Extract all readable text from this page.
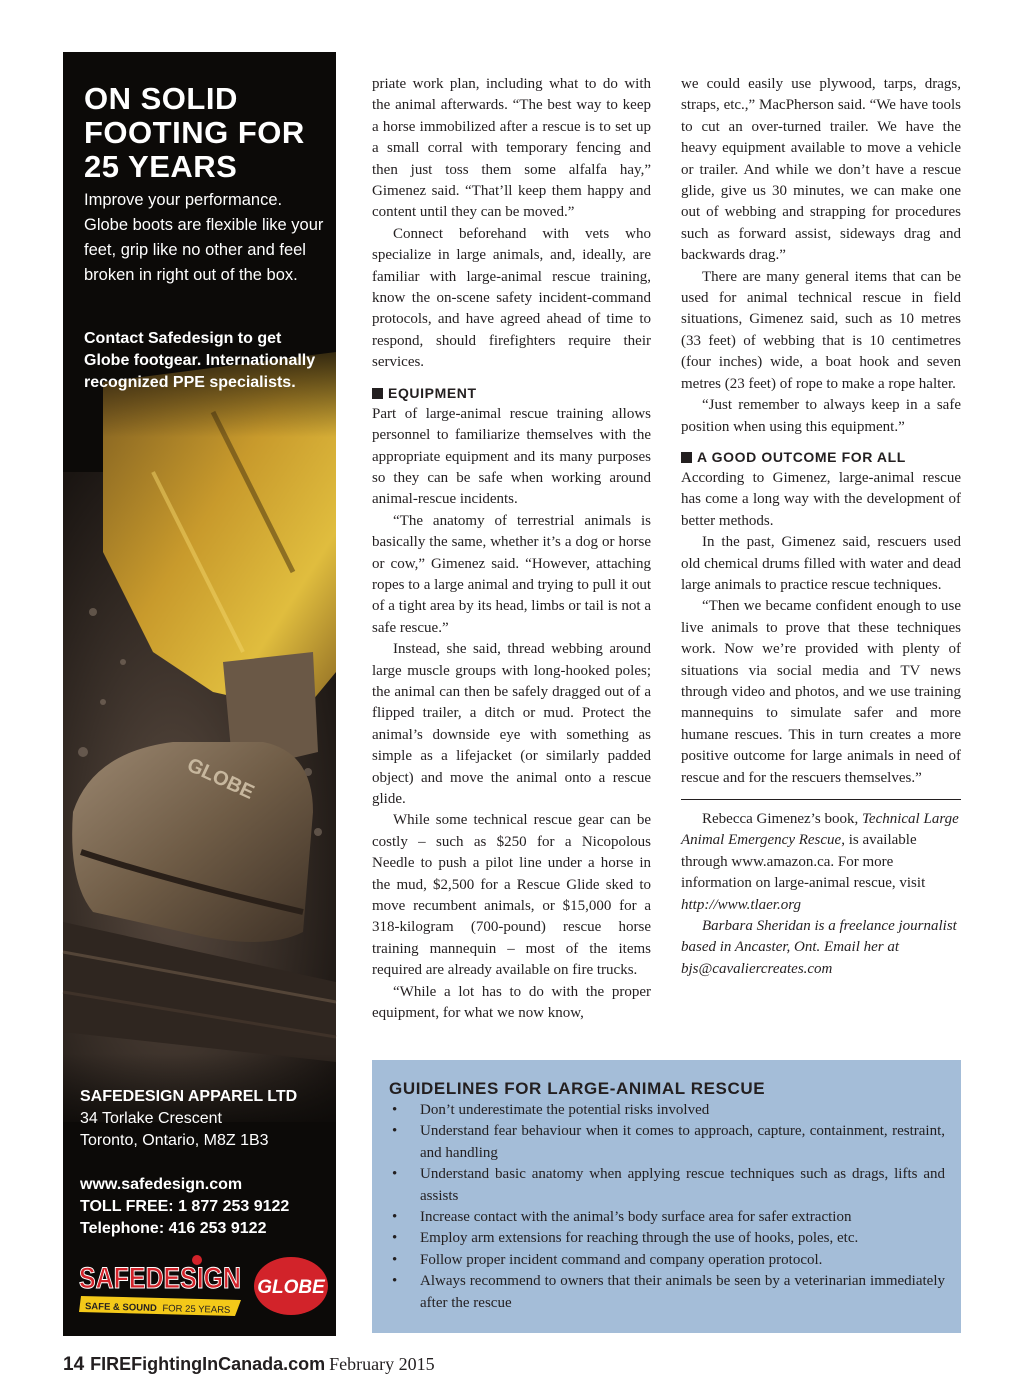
ON SOLID
FOOTING FOR
25 YEARS

Improve your performance. Globe boots are flexible like your feet, grip like no other and feel broken in right out of the box.

Contact Safedesign to get Globe footgear. Internationally recognized PPE specialists.

SAFEDESIGN APPAREL LTD
34 Torlake Crescent
Toronto, Ontario, M8Z 1B3
www.safedesign.com
TOLL FREE: 1 877 253 9122
Telephone: 416 253 9122
SAFEDESIGN
SAFE & SOUND FOR 25 YEARS
GLOBE

priate work plan, including what to do with the animal afterwards. “The best way to keep a horse immobilized after a rescue is to set up a small corral with temporary fencing and then just toss them some alfalfa hay,” Gimenez said. “That’ll keep them happy and content until they can be moved.”

Connect beforehand with vets who specialize in large animals, and, ideally, are familiar with large-animal rescue training, know the on-scene safety incident-command protocols, and have agreed ahead of time to respond, should firefighters require their services.

EQUIPMENT

Part of large-animal rescue training allows personnel to familiarize themselves with the appropriate equipment and its many purposes so they can be safe when working around animal-rescue incidents.

“The anatomy of terrestrial animals is basically the same, whether it’s a dog or horse or cow,” Gimenez said. “However, attaching ropes to a large animal and trying to pull it out of a tight area by its head, limbs or tail is not a safe rescue.”

Instead, she said, thread webbing around large muscle groups with long-hooked poles; the animal can then be safely dragged out of a flipped trailer, a ditch or mud. Protect the animal’s downside eye with something as simple as a lifejacket (or similarly padded object) and move the animal onto a rescue glide.

While some technical rescue gear can be costly – such as $250 for a Nicopolous Needle to push a pilot line under a horse in the mud, $2,500 for a Rescue Glide sked to move recumbent animals, or $15,000 for a 318-kilogram (700-pound) rescue horse training mannequin – most of the items required are already available on fire trucks.

“While a lot has to do with the proper equipment, for what we now know,

we could easily use plywood, tarps, drags, straps, etc.,” MacPherson said. “We have tools to cut an over-turned trailer. We have the heavy equipment available to move a vehicle or trailer. And while we don’t have a rescue glide, give us 30 minutes, we can make one out of webbing and strapping for procedures such as forward assist, sideways drag and backwards drag.”

There are many general items that can be used for animal technical rescue in field situations, Gimenez said, such as 10 metres (33 feet) of webbing that is 10 centimetres (four inches) wide, a boat hook and seven metres (23 feet) of rope to make a rope halter.

“Just remember to always keep in a safe position when using this equipment.”

A GOOD OUTCOME FOR ALL

According to Gimenez, large-animal rescue has come a long way with the development of better methods.

In the past, Gimenez said, rescuers used old chemical drums filled with water and dead large animals to practice rescue techniques.

“Then we became confident enough to use live animals to prove that these techniques work. Now we’re provided with plenty of situations via social media and TV news through video and photos, and we use training mannequins to simulate safer and more humane rescues. This in turn creates a more positive outcome for large animals in need of rescue and for the rescuers themselves.”

Rebecca Gimenez’s book, Technical Large Animal Emergency Rescue, is available through www.amazon.ca. For more information on large-animal rescue, visit http://www.tlaer.org

Barbara Sheridan is a freelance journalist based in Ancaster, Ont. Email her at bjs@cavaliercreates.com

GUIDELINES FOR LARGE-ANIMAL RESCUE
• Don’t underestimate the potential risks involved
• Understand fear behaviour when it comes to approach, capture, containment, restraint, and handling
• Understand basic anatomy when applying rescue techniques such as drags, lifts and assists
• Increase contact with the animal’s body surface area for safer extraction
• Employ arm extensions for reaching through the use of hooks, poles, etc.
• Follow proper incident command and company operation protocol.
• Always recommend to owners that their animals be seen by a veterinarian immediately after the rescue
14 FIREFightingInCanada.com February 2015
